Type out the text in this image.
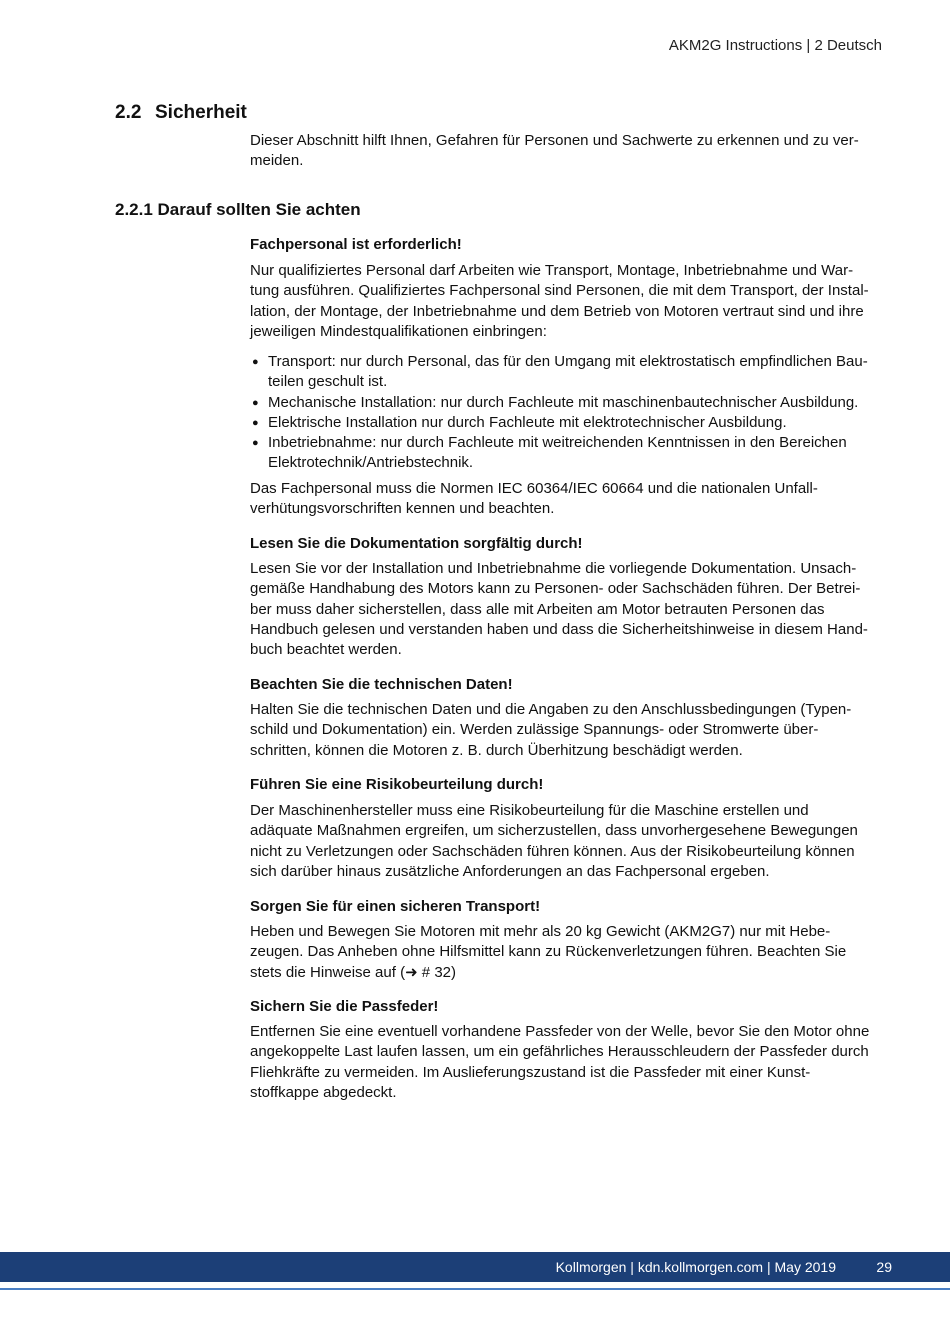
AKM2G Instructions | 2 Deutsch
2.2 Sicherheit

Dieser Abschnitt hilft Ihnen, Gefahren für Personen und Sachwerte zu erkennen und zu ver-
meiden.

2.2.1 Darauf sollten Sie achten

Fachpersonal ist erforderlich!

Nur qualifiziertes Personal darf Arbeiten wie Transport, Montage, Inbetriebnahme und War-
tung ausführen. Qualifiziertes Fachpersonal sind Personen, die mit dem Transport, der Instal-
lation, der Montage, der Inbetriebnahme und dem Betrieb von Motoren vertraut sind und ihre
jeweiligen Mindestqualifikationen einbringen:

● Transport: nur durch Personal, das für den Umgang mit elektrostatisch empfindlichen Bau-
teilen geschult ist.
● Mechanische Installation: nur durch Fachleute mit maschinenbautechnischer Ausbildung.
● Elektrische Installation nur durch Fachleute mit elektrotechnischer Ausbildung.
● Inbetriebnahme: nur durch Fachleute mit weitreichenden Kenntnissen in den Bereichen
Elektrotechnik/Antriebstechnik.

Das Fachpersonal muss die Normen IEC 60364/IEC 60664 und die nationalen Unfall-
verhütungsvorschriften kennen und beachten.

Lesen Sie die Dokumentation sorgfältig durch!

Lesen Sie vor der Installation und Inbetriebnahme die vorliegende Dokumentation. Unsach-
gemäße Handhabung des Motors kann zu Personen- oder Sachschäden führen. Der Betrei-
ber muss daher sicherstellen, dass alle mit Arbeiten am Motor betrauten Personen das
Handbuch gelesen und verstanden haben und dass die Sicherheitshinweise in diesem Hand-
buch beachtet werden.

Beachten Sie die technischen Daten!

Halten Sie die technischen Daten und die Angaben zu den Anschlussbedingungen (Typen-
schild und Dokumentation) ein. Werden zulässige Spannungs- oder Stromwerte über-
schritten, können die Motoren z. B. durch Überhitzung beschädigt werden.

Führen Sie eine Risikobeurteilung durch!

Der Maschinenhersteller muss eine Risikobeurteilung für die Maschine erstellen und
adäquate Maßnahmen ergreifen, um sicherzustellen, dass unvorhergesehene Bewegungen
nicht zu Verletzungen oder Sachschäden führen können. Aus der Risikobeurteilung können
sich darüber hinaus zusätzliche Anforderungen an das Fachpersonal ergeben.

Sorgen Sie für einen sicheren Transport!

Heben und Bewegen Sie Motoren mit mehr als 20 kg Gewicht (AKM2G7) nur mit Hebe-
zeugen. Das Anheben ohne Hilfsmittel kann zu Rückenverletzungen führen. Beachten Sie
stets die Hinweise auf (➜ # 32)

Sichern Sie die Passfeder!

Entfernen Sie eine eventuell vorhandene Passfeder von der Welle, bevor Sie den Motor ohne
angekoppelte Last laufen lassen, um ein gefährliches Herausschleudern der Passfeder durch
Fliehkräfte zu vermeiden. Im Auslieferungszustand ist die Passfeder mit einer Kunst-
stoffkappe abgedeckt.

Kollmorgen | kdn.kollmorgen.com | May 2019	29
